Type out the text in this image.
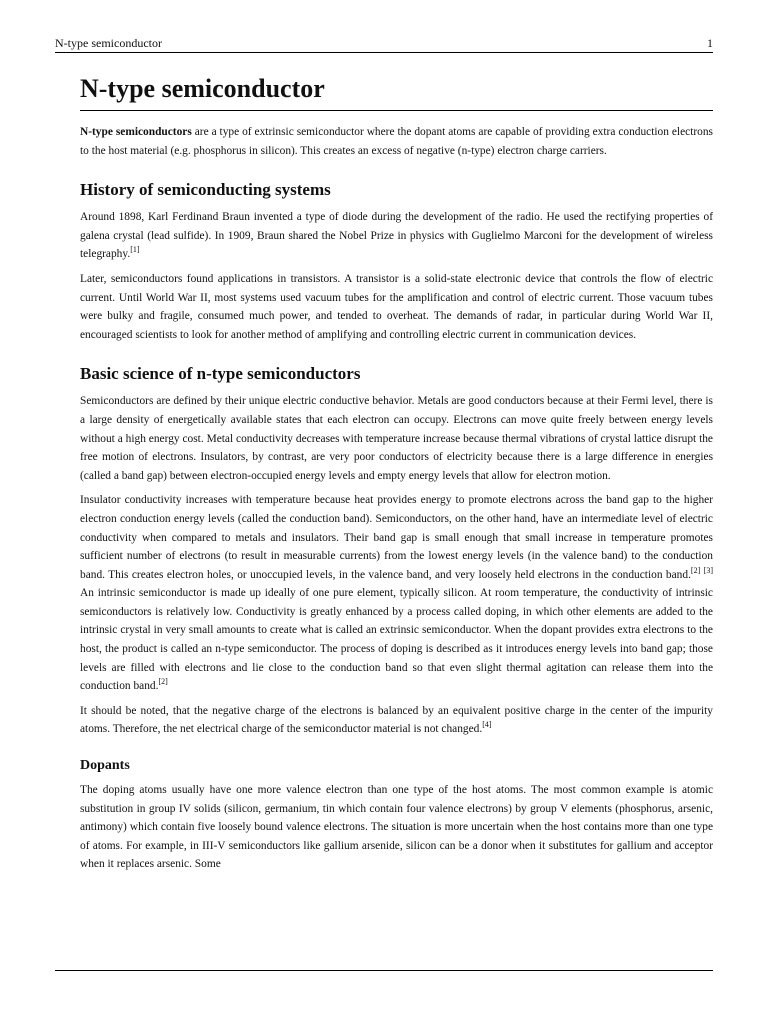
N-type semiconductor	1
N-type semiconductor

N-type semiconductors are a type of extrinsic semiconductor where the dopant atoms are capable of providing extra conduction electrons to the host material (e.g. phosphorus in silicon). This creates an excess of negative (n-type) electron charge carriers.

History of semiconducting systems

Around 1898, Karl Ferdinand Braun invented a type of diode during the development of the radio. He used the rectifying properties of galena crystal (lead sulfide). In 1909, Braun shared the Nobel Prize in physics with Guglielmo Marconi for the development of wireless telegraphy.[1]

Later, semiconductors found applications in transistors. A transistor is a solid-state electronic device that controls the flow of electric current. Until World War II, most systems used vacuum tubes for the amplification and control of electric current. Those vacuum tubes were bulky and fragile, consumed much power, and tended to overheat. The demands of radar, in particular during World War II, encouraged scientists to look for another method of amplifying and controlling electric current in communication devices.

Basic science of n-type semiconductors

Semiconductors are defined by their unique electric conductive behavior. Metals are good conductors because at their Fermi level, there is a large density of energetically available states that each electron can occupy. Electrons can move quite freely between energy levels without a high energy cost. Metal conductivity decreases with temperature increase because thermal vibrations of crystal lattice disrupt the free motion of electrons. Insulators, by contrast, are very poor conductors of electricity because there is a large difference in energies (called a band gap) between electron-occupied energy levels and empty energy levels that allow for electron motion.

Insulator conductivity increases with temperature because heat provides energy to promote electrons across the band gap to the higher electron conduction energy levels (called the conduction band). Semiconductors, on the other hand, have an intermediate level of electric conductivity when compared to metals and insulators. Their band gap is small enough that small increase in temperature promotes sufficient number of electrons (to result in measurable currents) from the lowest energy levels (in the valence band) to the conduction band. This creates electron holes, or unoccupied levels, in the valence band, and very loosely held electrons in the conduction band.[2] [3] An intrinsic semiconductor is made up ideally of one pure element, typically silicon. At room temperature, the conductivity of intrinsic semiconductors is relatively low. Conductivity is greatly enhanced by a process called doping, in which other elements are added to the intrinsic crystal in very small amounts to create what is called an extrinsic semiconductor. When the dopant provides extra electrons to the host, the product is called an n-type semiconductor. The process of doping is described as it introduces energy levels into band gap; those levels are filled with electrons and lie close to the conduction band so that even slight thermal agitation can release them into the conduction band.[2]

It should be noted, that the negative charge of the electrons is balanced by an equivalent positive charge in the center of the impurity atoms. Therefore, the net electrical charge of the semiconductor material is not changed.[4]

Dopants

The doping atoms usually have one more valence electron than one type of the host atoms. The most common example is atomic substitution in group IV solids (silicon, germanium, tin which contain four valence electrons) by group V elements (phosphorus, arsenic, antimony) which contain five loosely bound valence electrons. The situation is more uncertain when the host contains more than one type of atoms. For example, in III-V semiconductors like gallium arsenide, silicon can be a donor when it substitutes for gallium and acceptor when it replaces arsenic. Some
